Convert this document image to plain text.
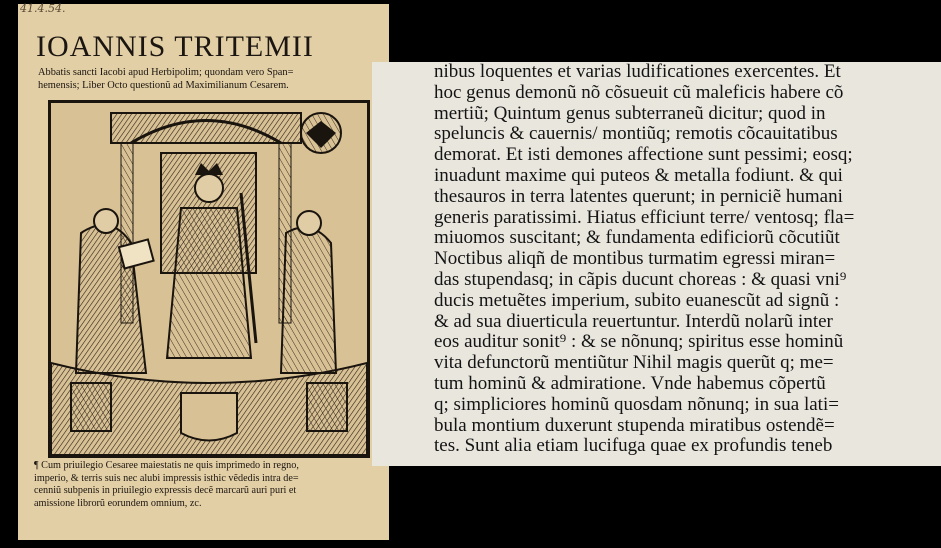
41.4.54.
IOANNIS TRITEMII
Abbatis sancti Iacobi apud Herbipolim; quondam vero Span=
hemensis; Liber Octo questionũ ad Maximilianum Cesarem.
¶ Cum priuilegio Cesaree maiestatis ne quis imprimedo in regno,
imperio, & terris suis nec alubi impressis isthic vẽdedis intra de=
cenniũ subpenis in priuilegio expressis decẽ marcarũ auri puri et
amissione librorũ eorundem omnium, zc.
nibus loquentes et varias ludificationes exercentes. Et
hoc genus demonũ nõ cõsueuit cũ maleficis habere cõ
mertiũ; Quintum genus subterraneũ dicitur; quod in
speluncis & cauernis/ montiũq; remotis cõcauitatibus
demorat. Et isti demones affectione sunt pessimi; eosq;
inuadunt maxime qui puteos & metalla fodiunt. & qui
thesauros in terra latentes querunt; in perniciẽ humani
generis paratissimi. Hiatus efficiunt terre/ ventosq; fla=
miuomos suscitant; & fundamenta edificiorũ cõcutiũt
Noctibus aliqñ de montibus turmatim egressi miran=
das stupendasq; in cãpis ducunt choreas : & quasi vni⁹
ducis metuẽtes imperium, subito euanescũt ad signũ :
& ad sua diuerticula reuertuntur. Interdũ nolarũ inter
eos auditur sonit⁹ : & se nõnunq; spiritus esse hominũ
vita defunctorũ mentiũtur Nihil magis querũt q; me=
tum hominũ & admiratione. Vnde habemus cõpertũ
q; simpliciores hominũ quosdam nõnunq; in sua lati=
bula montium duxerunt stupenda miratibus ostendẽ=
tes. Sunt alia etiam lucifuga quae ex profundis teneb
